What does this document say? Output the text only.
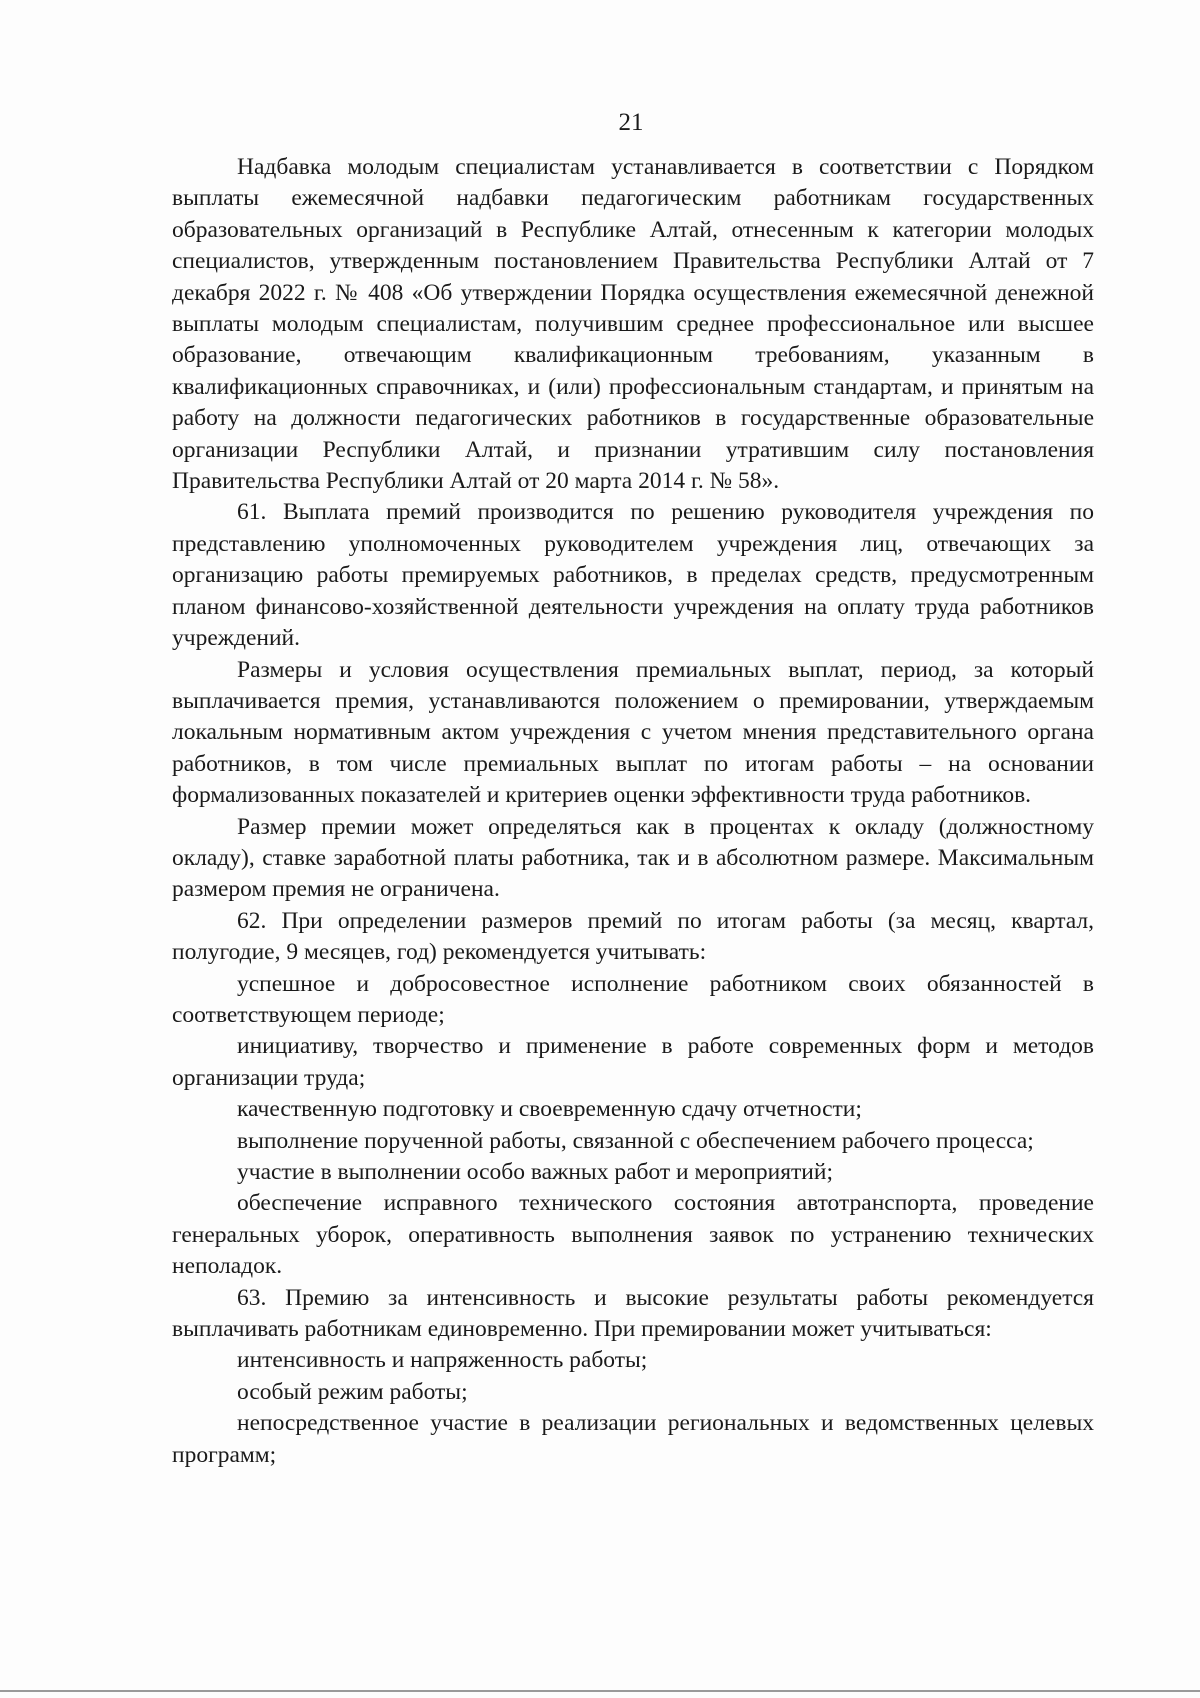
21

Надбавка молодым специалистам устанавливается в соответствии с Порядком выплаты ежемесячной надбавки педагогическим работникам государственных образовательных организаций в Республике Алтай, отнесенным к категории молодых специалистов, утвержденным постановлением Правительства Республики Алтай от 7 декабря 2022 г. № 408 «Об утверждении Порядка осуществления ежемесячной денежной выплаты молодым специалистам, получившим среднее профессиональное или высшее образование, отвечающим квалификационным требованиям, указанным в квалификационных справочниках, и (или) профессиональным стандартам, и принятым на работу на должности педагогических работников в государственные образовательные организации Республики Алтай, и признании утратившим силу постановления Правительства Республики Алтай от 20 марта 2014 г. № 58».

61. Выплата премий производится по решению руководителя учреждения по представлению уполномоченных руководителем учреждения лиц, отвечающих за организацию работы премируемых работников, в пределах средств, предусмотренным планом финансово-хозяйственной деятельности учреждения на оплату труда работников учреждений.

Размеры и условия осуществления премиальных выплат, период, за который выплачивается премия, устанавливаются положением о премировании, утверждаемым локальным нормативным актом учреждения с учетом мнения представительного органа работников, в том числе премиальных выплат по итогам работы – на основании формализованных показателей и критериев оценки эффективности труда работников.

Размер премии может определяться как в процентах к окладу (должностному окладу), ставке заработной платы работника, так и в абсолютном размере. Максимальным размером премия не ограничена.

62. При определении размеров премий по итогам работы (за месяц, квартал, полугодие, 9 месяцев, год) рекомендуется учитывать:

успешное и добросовестное исполнение работником своих обязанностей в соответствующем периоде;

инициативу, творчество и применение в работе современных форм и методов организации труда;

качественную подготовку и своевременную сдачу отчетности;

выполнение порученной работы, связанной с обеспечением рабочего процесса;

участие в выполнении особо важных работ и мероприятий;

обеспечение исправного технического состояния автотранспорта, проведение генеральных уборок, оперативность выполнения заявок по устранению технических неполадок.

63. Премию за интенсивность и высокие результаты работы рекомендуется выплачивать работникам единовременно. При премировании может учитываться:

интенсивность и напряженность работы;

особый режим работы;

непосредственное участие в реализации региональных и ведомственных целевых программ;
